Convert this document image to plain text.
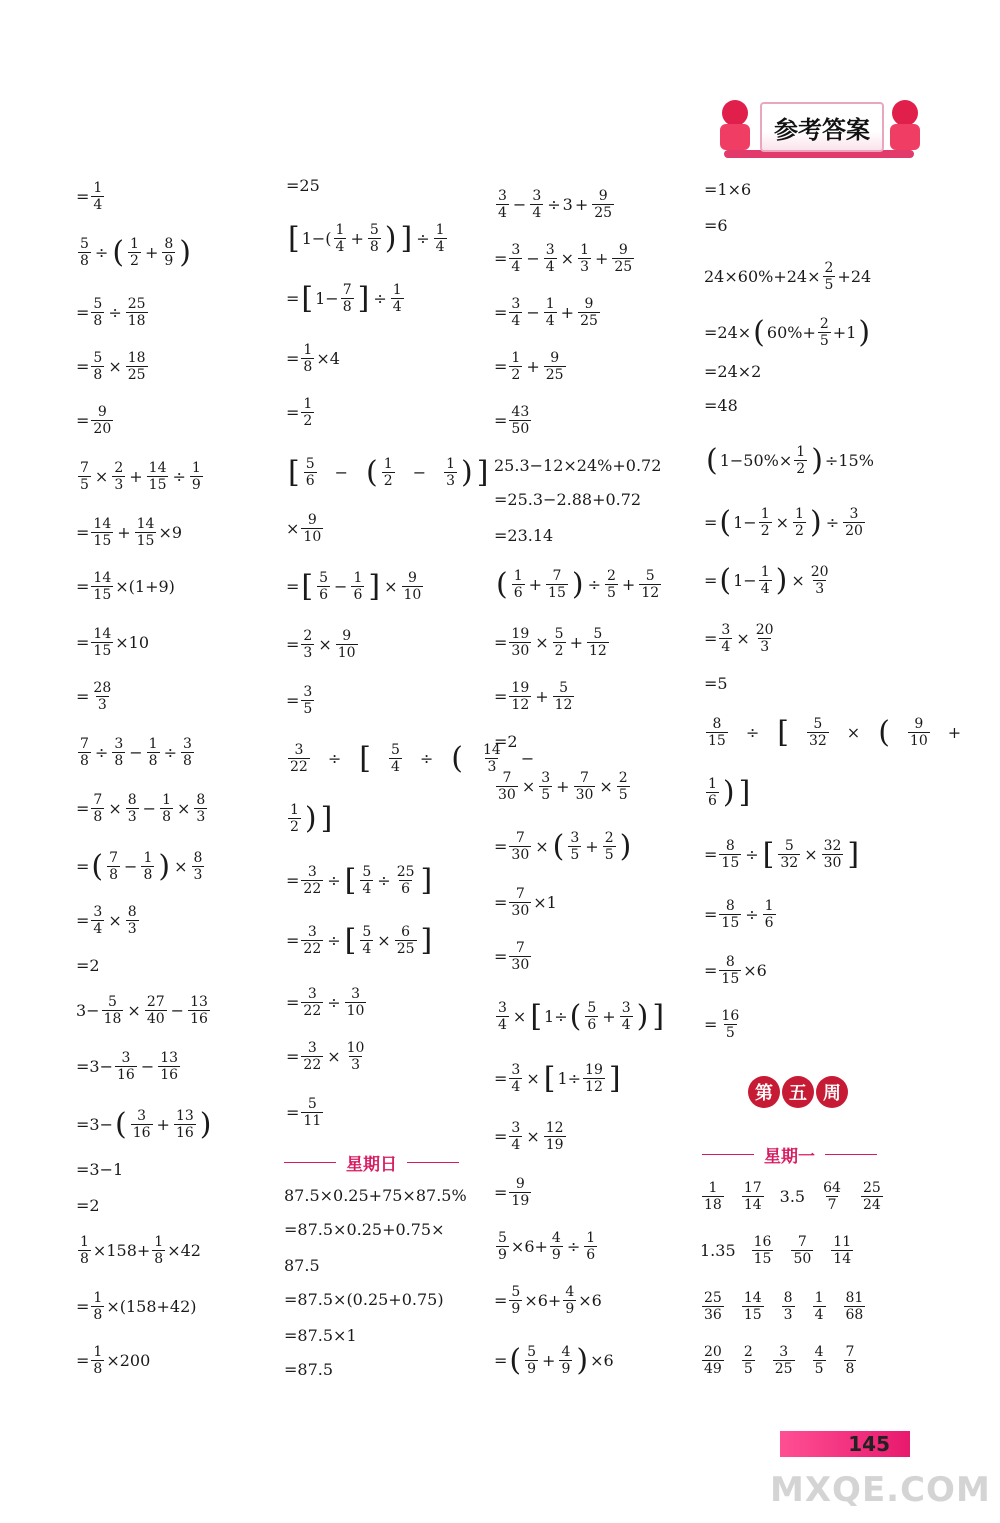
参考答案
= $\frac{1}{4}$
$\frac{5}{8}$ ÷ ( 1
$2 + \frac{8}{9}$ )
= $\frac{5}{8} \div \frac{25}{18}$
= $\frac{5}{8} \times \frac{18}{25}$
= $\frac{9}{20}$
$\frac{7}{5} \times \frac{2}{3} + \frac{14}{15} \div \frac{1}{9}$
= $\frac{14}{15} + \frac{14}{15} \times 9$
= $\frac{14}{15} \times(1+9)$
= $\frac{14}{15} \times 10$
= $\frac{28}{3}$
$\frac{7}{8} \div \frac{3}{8} - \frac{1}{8} \div \frac{3}{8}$
= $\frac{7}{8} \times \frac{8}{3} - \frac{1}{8} \times \frac{8}{3}$
= ( 7
$8 - \frac{1}{8}$ ) × $\frac{8}{3}$
= $\frac{3}{4} \times \frac{8}{3}$
=2
$3- \frac{5}{18} \times \frac{27}{40} - \frac{13}{16}$
$=3- \frac{3}{16} - \frac{13}{16}$
=3− ( 3
$16 + \frac{13}{16}$ )
=3−1
=2
$\frac{1}{8} \times 158+ \frac{1}{8} \times 42$
= $\frac{1}{8} \times(158+42)$
= $\frac{1}{8} \times 200$
=25
[ 1−( 1
$4 + \frac{5}{8}$ ) ] ÷ $\frac{1}{4}$
= [ $1- \frac{7}{8}$ ] ÷ $\frac{1}{4}$
= $\frac{1}{8} \times 4$
= $\frac{1}{2}$
[ 5
6 − ( 1
2 − 1
3 ) ]
× $\frac{9}{10}$
= [ 5
$6 - \frac{1}{6}$ ] × $\frac{9}{10}$
= $\frac{2}{3} \times \frac{9}{10}$
= $\frac{3}{5}$
3
22 ÷ [ 5
4 ÷ ( 14
3 −
1
2 ) ]
= $\frac{3}{22}$ ÷ [ $\frac{5}{4} \div \frac{25}{6}$ ]
= $\frac{3}{22}$ ÷ [ $\frac{5}{4} \times \frac{6}{25}$ ]
= $\frac{3}{22} \div \frac{3}{10}$
= $\frac{3}{22} \times \frac{10}{3}$
= $\frac{5}{11}$
星期日
87.5×0.25+75×87.5%
=87.5×0.25+0.75×
87.5
=87.5×(0.25+0.75)
=87.5×1
=87.5
3
$4 - \frac{3}{4} \div 3 + \frac{9}{25}$
= $\frac{3}{4} - \frac{3}{4} \times \frac{1}{3} + \frac{9}{25}$
= $\frac{3}{4} - \frac{1}{4} + \frac{9}{25}$
= $\frac{1}{2} + \frac{9}{25}$
= $\frac{43}{50}$
25.3−12×24%+0.72
=25.3−2.88+0.72
=23.14
( 1
$6 + \frac{7}{15}$ ) ÷ $\frac{2}{5} + \frac{5}{12}$
= $\frac{19}{30} \times \frac{5}{2} + \frac{5}{12}$
= $\frac{19}{12} + \frac{5}{12}$
=2
$\frac{7}{30} \times \frac{3}{5} + \frac{7}{30} \times \frac{2}{5}$
= $\frac{7}{30}$ × ( 3
$5 + \frac{2}{5}$ )
= $\frac{7}{30} \times 1$
= $\frac{7}{30}$
$\frac{3}{4}$ × [ 1÷ ( 5
$6 + \frac{3}{4}$ ) ]
= $\frac{3}{4}$ × [ $1\div \frac{19}{12}$ ]
= $\frac{3}{4} \times \frac{12}{19}$
= $\frac{9}{19}$
$\frac{5}{9} \times 6+ \frac{4}{9} \div \frac{1}{6}$
= $\frac{5}{9} \times 6+ \frac{4}{9} \times 6$
= ( 5
$9 + \frac{4}{9}$ ) ×6
=1×6
=6
$24\times 60\%+24\times \frac{2}{5} +24$
=24× ( $60\%+ \frac{2}{5} +1$ )
=24×2
=48
( $1-50\%\times \frac{1}{2}$ ) ÷15%
= ( $1- \frac{1}{2} \times \frac{1}{2}$ ) ÷ $\frac{3}{20}$
= ( $1- \frac{1}{4}$ ) × $\frac{20}{3}$
= $\frac{3}{4} \times \frac{20}{3}$
=5
8
15 ÷ [ 5
32 × ( 9
10 +
1
6 ) ]
= $\frac{8}{15}$ ÷ [ $\frac{5}{32} \times \frac{32}{30}$ ]
= $\frac{8}{15} \div \frac{1}{6}$
= $\frac{8}{15} \times 6$
= $\frac{16}{5}$
第 五 周
星期一
1
18
17
14 3.5 64
7
25
24
1.35 16
15
7
50
11
14
25
36
14
15
8
3
1
4
81
68
20
49
2
5
3
25
4
5
7
8
145
MXQE.COM
